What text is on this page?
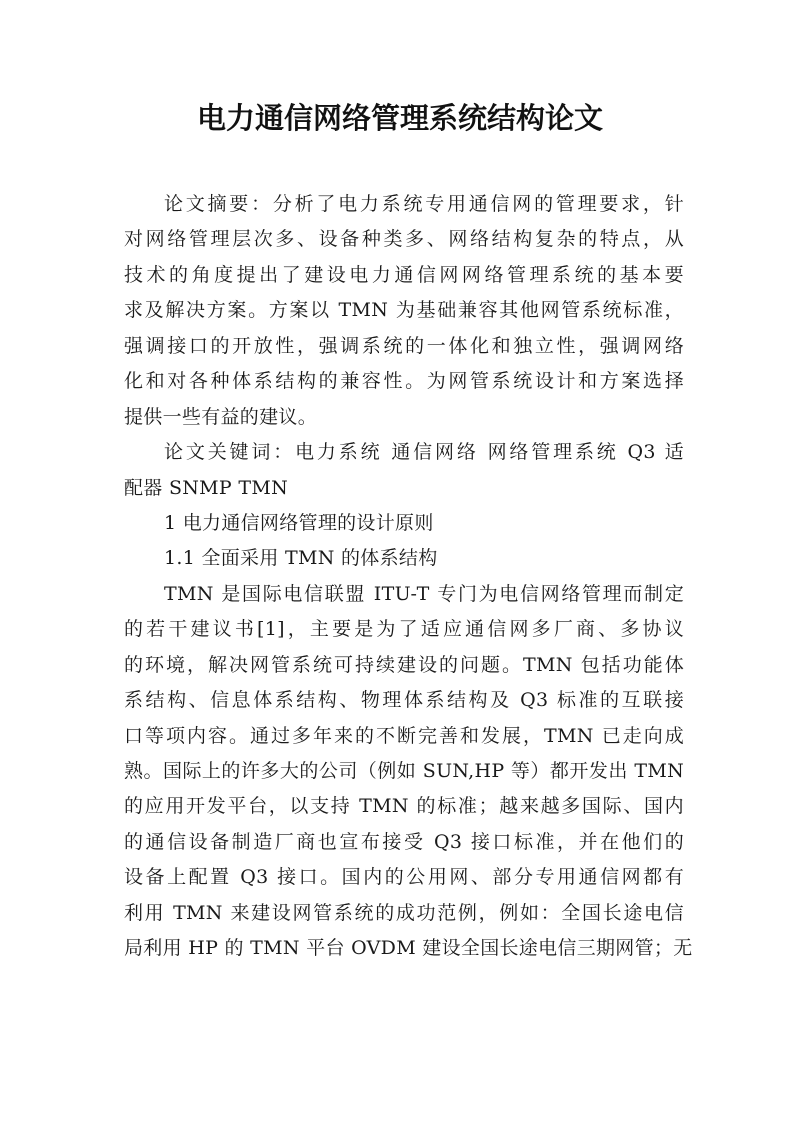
电力通信网络管理系统结构论文
论文摘要：分析了电力系统专用通信网的管理要求，针
对网络管理层次多、设备种类多、网络结构复杂的特点，从
技术的角度提出了建设电力通信网网络管理系统的基本要
求及解决方案。方案以 TMN 为基础兼容其他网管系统标准，
强调接口的开放性，强调系统的一体化和独立性，强调网络
化和对各种体系结构的兼容性。为网管系统设计和方案选择
提供一些有益的建议。
论文关键词：电力系统 通信网络 网络管理系统 Q3 适
配器 SNMP TMN
1 电力通信网络管理的设计原则
1.1 全面采用 TMN 的体系结构
TMN 是国际电信联盟 ITU-T 专门为电信网络管理而制定
的若干建议书[1]，主要是为了适应通信网多厂商、多协议
的环境，解决网管系统可持续建设的问题。TMN 包括功能体
系结构、信息体系结构、物理体系结构及 Q3 标准的互联接
口等项内容。通过多年来的不断完善和发展，TMN 已走向成
熟。国际上的许多大的公司（例如 SUN,HP 等）都开发出 TMN
的应用开发平台，以支持 TMN 的标准；越来越多国际、国内
的通信设备制造厂商也宣布接受 Q3 接口标准，并在他们的
设备上配置 Q3 接口。国内的公用网、部分专用通信网都有
利用 TMN 来建设网管系统的成功范例，例如：全国长途电信
局利用 HP 的 TMN 平台 OVDM 建设全国长途电信三期网管；无
